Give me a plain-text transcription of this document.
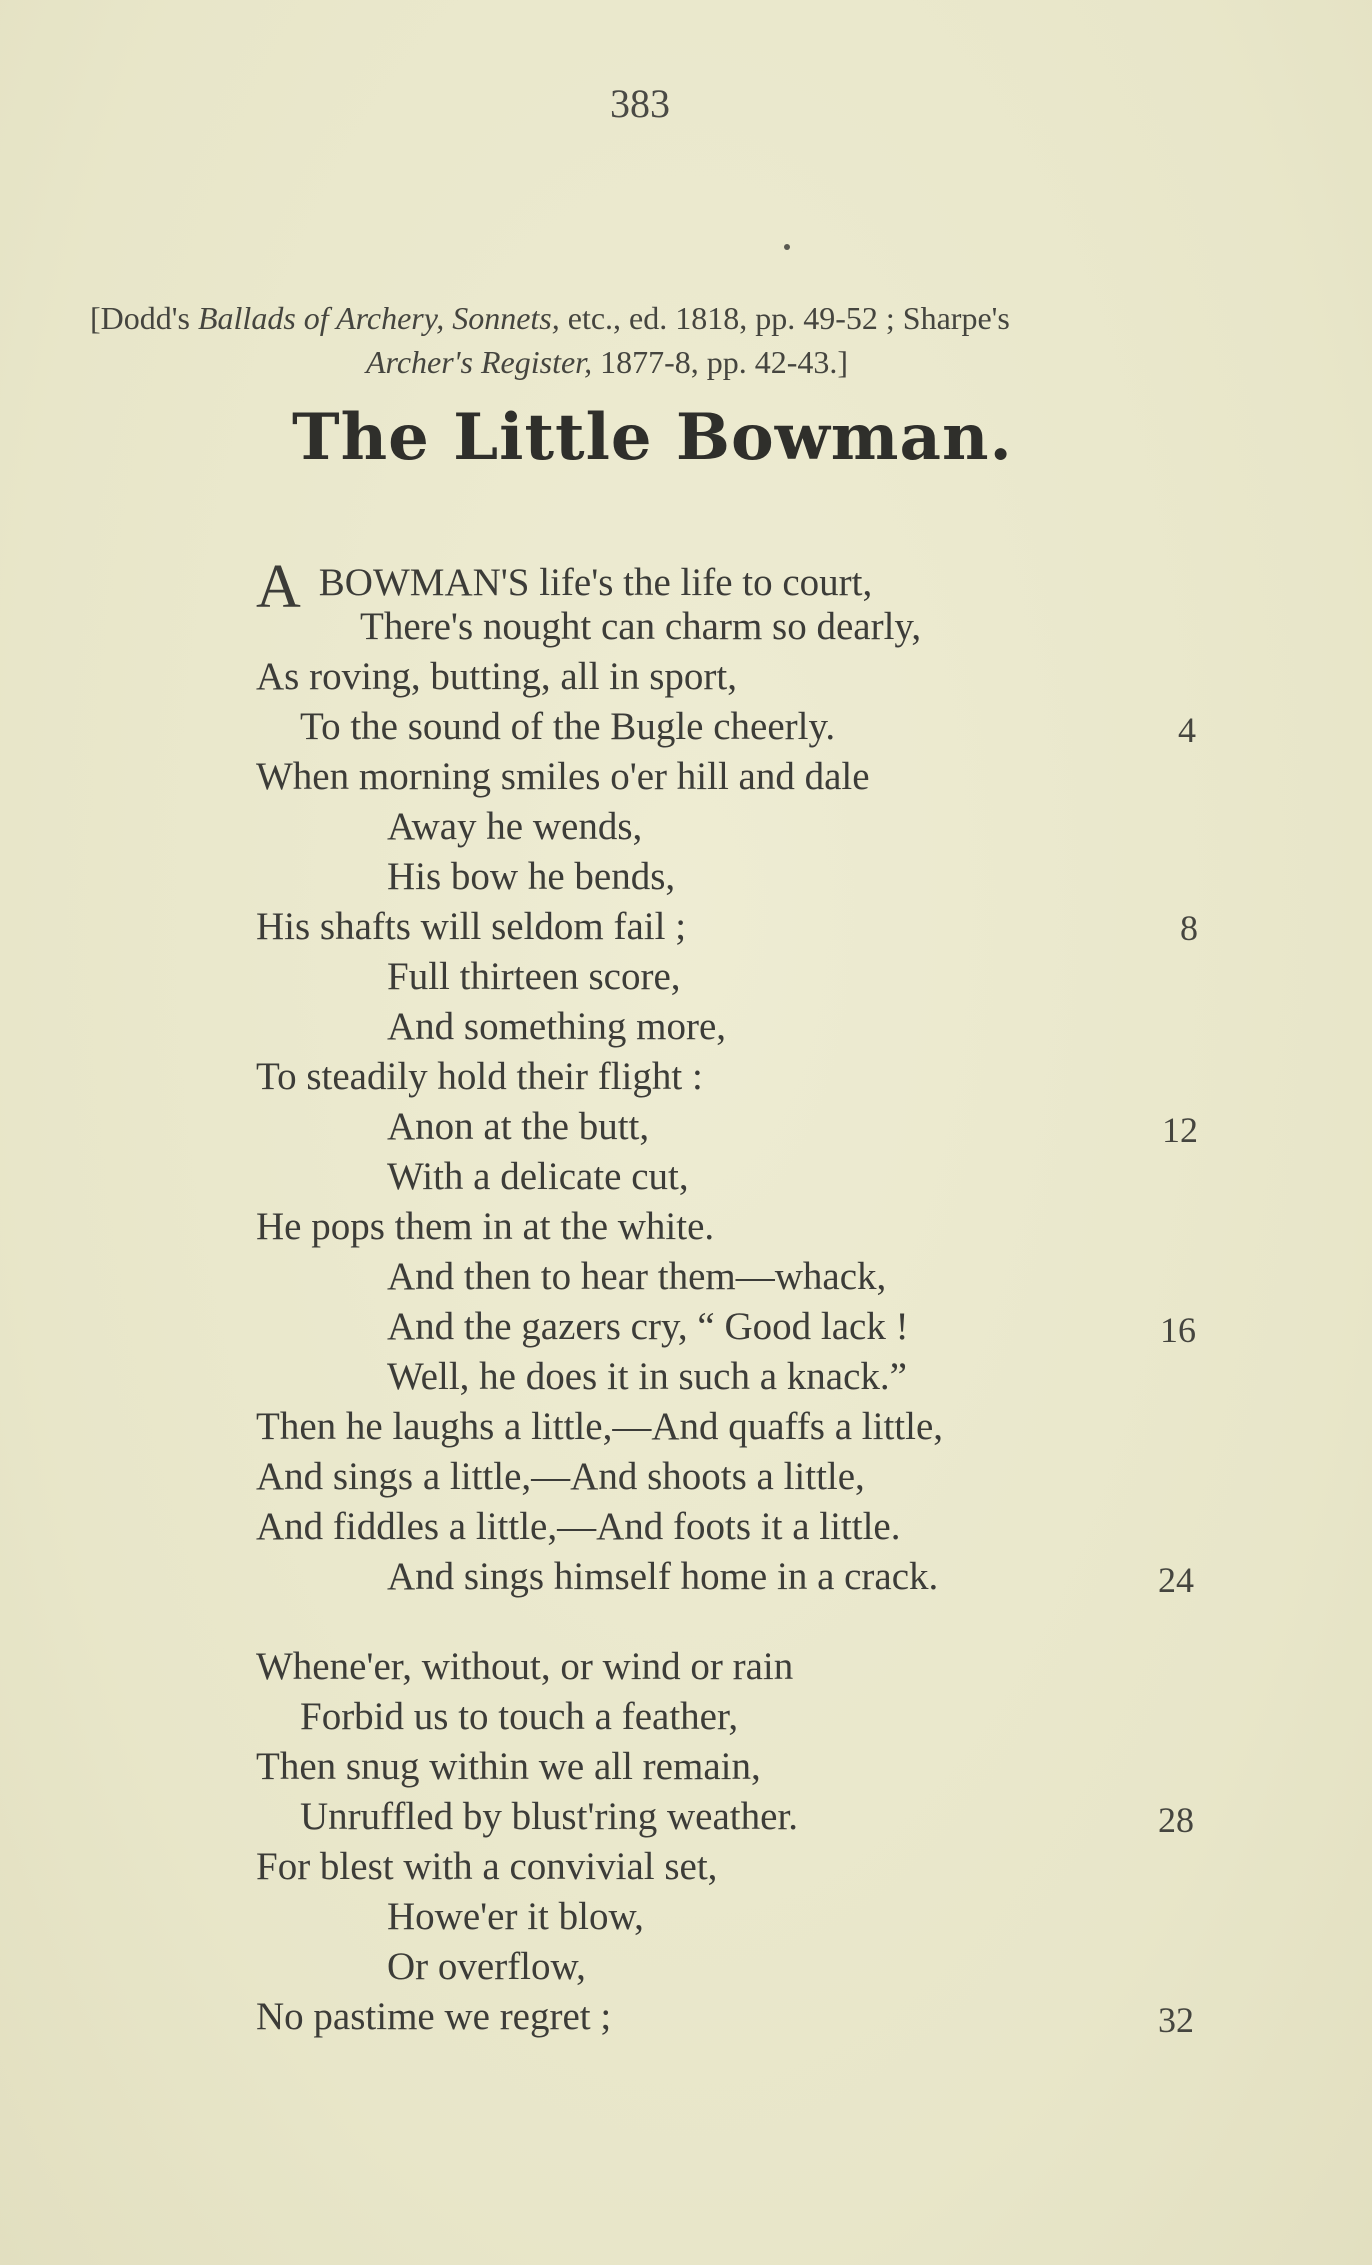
383
[Dodd's Ballads of Archery, Sonnets, etc., ed. 1818, pp. 49-52 ; Sharpe's
Archer's Register, 1877-8, pp. 42-43.]
The Little Bowman.
ABOWMAN'S life's the life to court,
There's nought can charm so dearly,
As roving, butting, all in sport,
To the sound of the Bugle cheerly.
When morning smiles o'er hill and dale
Away he wends,
His bow he bends,
His shafts will seldom fail ;
Full thirteen score,
And something more,
To steadily hold their flight :
Anon at the butt,
With a delicate cut,
He pops them in at the white.
And then to hear them—whack,
And the gazers cry, “ Good lack !
Well, he does it in such a knack.”
Then he laughs a little,—And quaffs a little,
And sings a little,—And shoots a little,
And fiddles a little,—And foots it a little.
And sings himself home in a crack.
Whene'er, without, or wind or rain
Forbid us to touch a feather,
Then snug within we all remain,
Unruffled by blust'ring weather.
For blest with a convivial set,
Howe'er it blow,
Or overflow,
No pastime we regret ;
4
8
12
16
24
28
32
